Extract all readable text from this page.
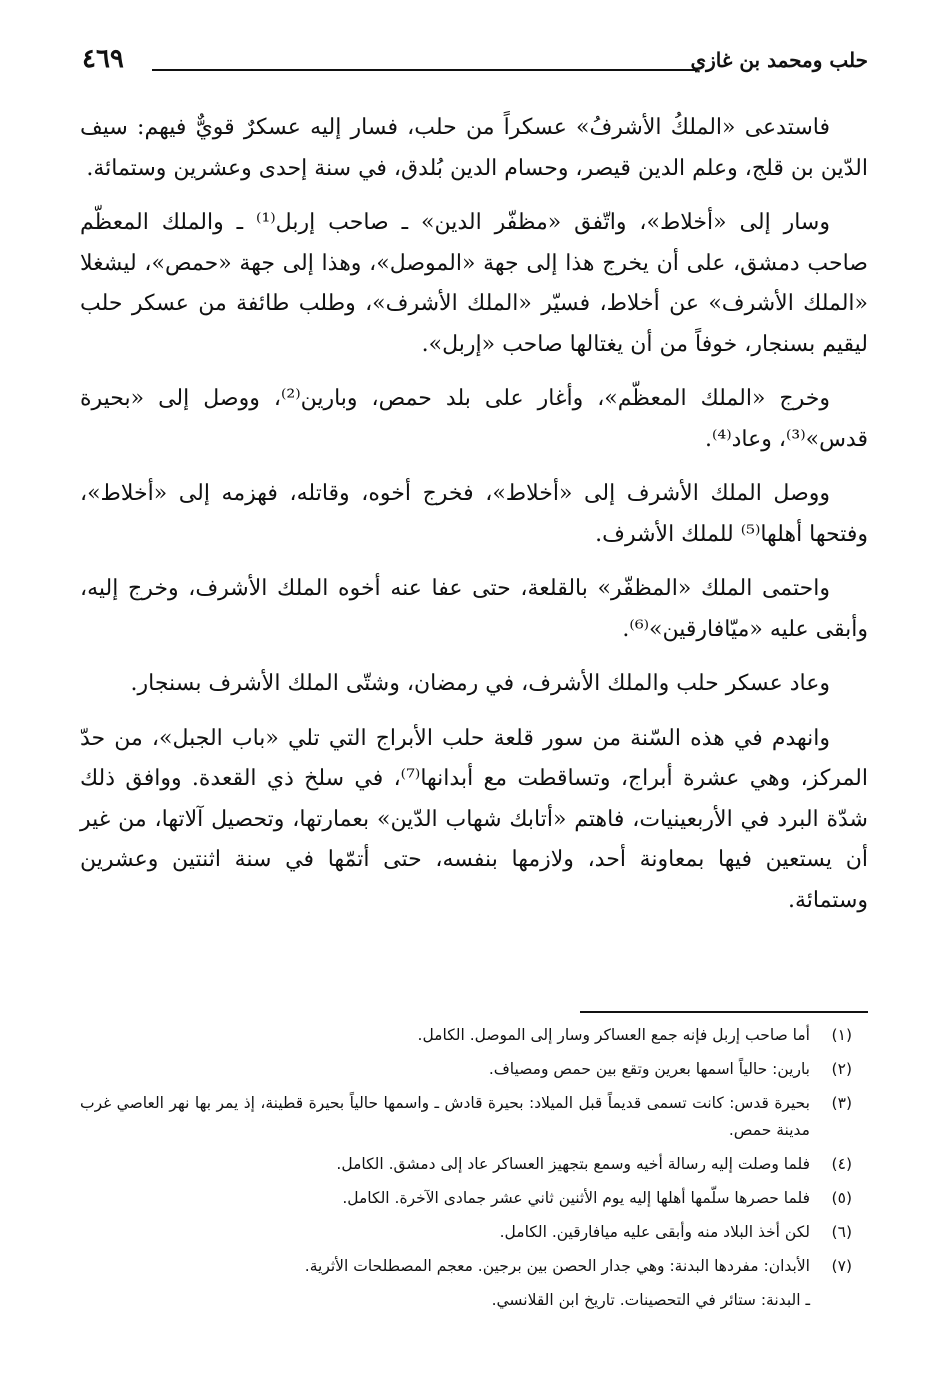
حلب ومحمد بن غازي
٤٦٩

فاستدعى «الملكُ الأشرفُ» عسكراً من حلب، فسار إليه عسكرٌ قويٌّ فيهم: سيف الدّين بن قلج، وعلم الدين قيصر، وحسام الدين بُلدق، في سنة إحدى وعشرين وستمائة.

وسار إلى «أخلاط»، واتّفق «مظفّر الدين» ـ صاحب إربل⁽¹⁾ ـ والملك المعظّم صاحب دمشق، على أن يخرج هذا إلى جهة «الموصل»، وهذا إلى جهة «حمص»، ليشغلا «الملك الأشرف» عن أخلاط، فسيّر «الملك الأشرف»، وطلب طائفة من عسكر حلب ليقيم بسنجار، خوفاً من أن يغتالها صاحب «إربل».

وخرج «الملك المعظّم»، وأغار على بلد حمص، وبارين⁽²⁾، ووصل إلى «بحيرة قدس»⁽³⁾، وعاد⁽⁴⁾.

ووصل الملك الأشرف إلى «أخلاط»، فخرج أخوه، وقاتله، فهزمه إلى «أخلاط»، وفتحها أهلها⁽⁵⁾ للملك الأشرف.

واحتمى الملك «المظفّر» بالقلعة، حتى عفا عنه أخوه الملك الأشرف، وخرج إليه، وأبقى عليه «ميّافارقين»⁽⁶⁾.

وعاد عسكر حلب والملك الأشرف، في رمضان، وشتّى الملك الأشرف بسنجار.

وانهدم في هذه السّنة من سور قلعة حلب الأبراج التي تلي «باب الجبل»، من حدّ المركز، وهي عشرة أبراج، وتساقطت مع أبدانها⁽⁷⁾، في سلخ ذي القعدة. ووافق ذلك شدّة البرد في الأربعينيات، فاهتم «أتابك شهاب الدّين» بعمارتها، وتحصيل آلاتها، من غير أن يستعين فيها بمعاونة أحد، ولازمها بنفسه، حتى أتمّها في سنة اثنتين وعشرين وستمائة.

(١)
أما صاحب إربل فإنه جمع العساكر وسار إلى الموصل. الكامل.
(٢)
بارين: حالياً اسمها بعرين وتقع بين حمص ومصياف.
(٣)
بحيرة قدس: كانت تسمى قديماً قبل الميلاد: بحيرة قادش ـ واسمها حالياً بحيرة قطينة، إذ يمر بها نهر العاصي غرب مدينة حمص.
(٤)
فلما وصلت إليه رسالة أخيه وسمع بتجهيز العساكر عاد إلى دمشق. الكامل.
(٥)
فلما حصرها سلّمها أهلها إليه يوم الأثنين ثاني عشر جمادى الآخرة. الكامل.
(٦)
لكن أخذ البلاد منه وأبقى عليه ميافارقين. الكامل.
(٧)
الأبدان: مفردها البدنة: وهي جدار الحصن بين برجين. معجم المصطلحات الأثرية.
ـ البدنة: ستائر في التحصينات. تاريخ ابن القلانسي.
